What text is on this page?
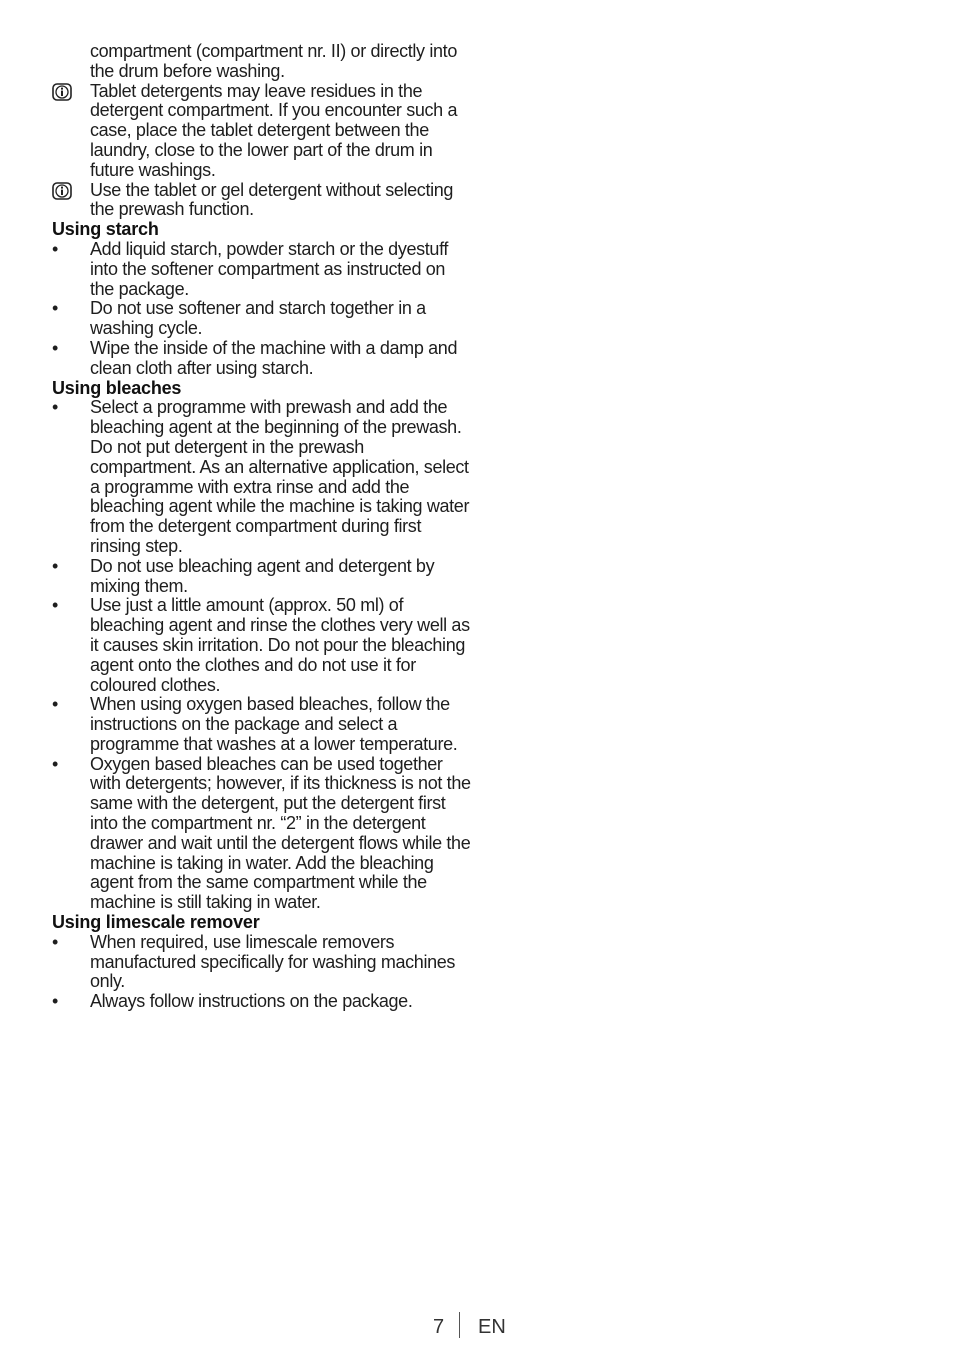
compartment (compartment nr. II) or directly into the drum before washing.
Tablet detergents may leave residues in the detergent compartment. If you encounter such a case, place the tablet detergent between the laundry, close to the lower part of the drum in future washings.
Use the tablet or gel detergent without selecting the prewash function.
Using starch
• Add liquid starch, powder starch or the dyestuff into the softener compartment as instructed on the package.
• Do not use softener and starch together in a washing cycle.
• Wipe the inside of the machine with a damp and clean cloth after using starch.
Using bleaches
• Select a programme with prewash and add the bleaching agent at the beginning of the prewash. Do not put detergent in the prewash compartment. As an alternative application, select a programme with extra rinse and add the bleaching agent while the machine is taking water from the detergent compartment during first rinsing step.
• Do not use bleaching agent and detergent by mixing them.
• Use just a little amount (approx. 50 ml) of bleaching agent and rinse the clothes very well as it causes skin irritation. Do not pour the bleaching agent onto the clothes and do not use it for coloured clothes.
• When using oxygen based bleaches, follow the instructions on the package and select a programme that washes at a lower temperature.
• Oxygen based bleaches can be used together with detergents; however, if its thickness is not the same with the detergent, put the detergent first into the compartment nr. “2” in the detergent drawer and wait until the detergent flows while the machine is taking in water. Add the bleaching agent from the same compartment while the machine is still taking in water.
Using limescale remover
• When required, use limescale removers manufactured specifically for washing machines only.
• Always follow instructions on the package.
7 EN
